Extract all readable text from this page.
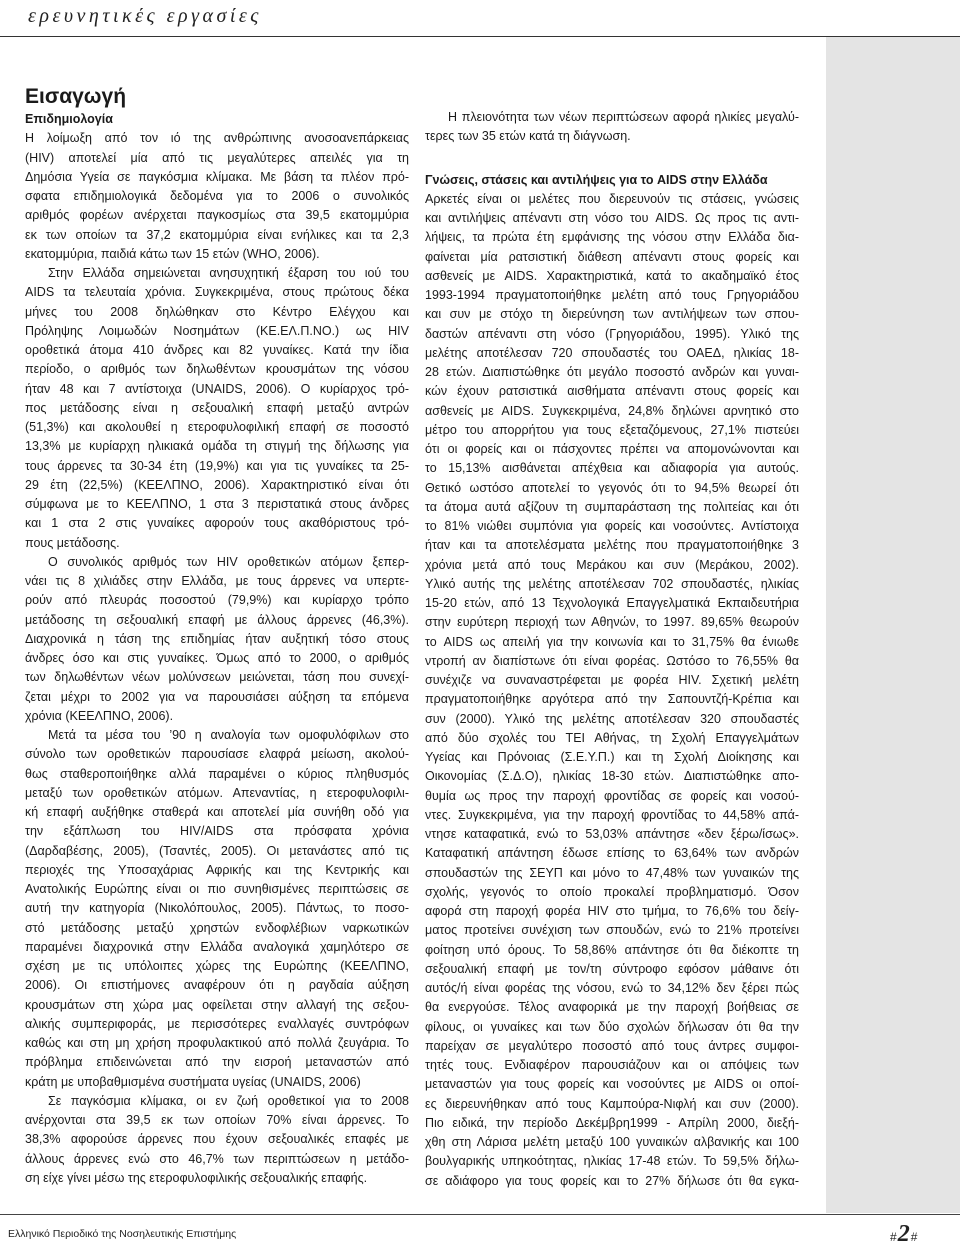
ερευνητικές εργασίες
Εισαγωγή
Επιδημιολογία
Η λοίμωξη από τον ιό της ανθρώπινης ανοσοανεπάρκειας
(HIV) αποτελεί μία από τις μεγαλύτερες απειλές για τη
Δημόσια Υγεία σε παγκόσμια κλίμακα. Με βάση τα πλέον πρό-
σφατα επιδημιολογικά δεδομένα για το 2006 ο συνολικός
αριθμός φορέων ανέρχεται παγκοσμίως στα 39,5 εκατομμύρια
εκ των οποίων τα 37,2 εκατομμύρια είναι ενήλικες και τα 2,3
εκατομμύρια, παιδιά κάτω των 15 ετών (WHO, 2006).
Στην Ελλάδα σημειώνεται ανησυχητική έξαρση του ιού του
AIDS τα τελευταία χρόνια. Συγκεκριμένα, στους πρώτους δέκα
μήνες του 2008 δηλώθηκαν στο Κέντρο Ελέγχου και
Πρόληψης Λοιμωδών Νοσημάτων (ΚΕ.ΕΛ.Π.ΝΟ.) ως HIV
οροθετικά άτομα 410 άνδρες και 82 γυναίκες. Κατά την ίδια
περίοδο, ο αριθμός των δηλωθέντων κρουσμάτων της νόσου
ήταν 48 και 7 αντίστοιχα (UNAIDS, 2006). Ο κυρίαρχος τρό-
πος μετάδοσης είναι η σεξουαλική επαφή μεταξύ αντρών
(51,3%) και ακολουθεί η ετεροφυλοφιλική επαφή σε ποσοστό
13,3% με κυρίαρχη ηλικιακά ομάδα τη στιγμή της δήλωσης για
τους άρρενες τα 30-34 έτη (19,9%) και για τις γυναίκες τα 25-
29 έτη (22,5%) (ΚΕΕΛΠΝΟ, 2006). Χαρακτηριστικό είναι ότι
σύμφωνα με το ΚΕΕΛΠΝΟ, 1 στα 3 περιστατικά στους άνδρες
και 1 στα 2 στις γυναίκες αφορούν τους ακαθόριστους τρό-
πους μετάδοσης.
Ο συνολικός αριθμός των HIV οροθετικών ατόμων ξεπερ-
νάει τις 8 χιλιάδες στην Ελλάδα, με τους άρρενες να υπερτε-
ρούν από πλευράς ποσοστού (79,9%) και κυρίαρχο τρόπο
μετάδοσης τη σεξουαλική επαφή με άλλους άρρενες (46,3%).
Διαχρονικά η τάση της επιδημίας ήταν αυξητική τόσο στους
άνδρες όσο και στις γυναίκες. Όμως από το 2000, ο αριθμός
των δηλωθέντων νέων μολύνσεων μειώνεται, τάση που συνεχί-
ζεται μέχρι το 2002 για να παρουσιάσει αύξηση τα επόμενα
χρόνια (ΚΕΕΛΠΝΟ, 2006).
Μετά τα μέσα του ’90 η αναλογία των ομοφυλόφιλων στο
σύνολο των οροθετικών παρουσίασε ελαφρά μείωση, ακολού-
θως σταθεροποιήθηκε αλλά παραμένει ο κύριος πληθυσμός
μεταξύ των οροθετικών ατόμων. Απεναντίας, η ετεροφυλοφιλι-
κή επαφή αυξήθηκε σταθερά και αποτελεί μία συνήθη οδό για
την εξάπλωση του HIV/AIDS στα πρόσφατα χρόνια
(Δαρδαβέσης, 2005), (Τσαντές, 2005). Οι μετανάστες από τις
περιοχές της Υποσαχάριας Αφρικής και της Κεντρικής και
Ανατολικής Ευρώπης είναι οι πιο συνηθισμένες περιπτώσεις σε
αυτή την κατηγορία (Νικολόπουλος, 2005). Πάντως, το ποσο-
στό μετάδοσης μεταξύ χρηστών ενδοφλέβιων ναρκωτικών
παραμένει διαχρονικά στην Ελλάδα αναλογικά χαμηλότερο σε
σχέση με τις υπόλοιπες χώρες της Ευρώπης (ΚΕΕΛΠΝΟ,
2006). Οι επιστήμονες αναφέρουν ότι η ραγδαία αύξηση
κρουσμάτων στη χώρα μας οφείλεται στην αλλαγή της σεξου-
αλικής συμπεριφοράς, με περισσότερες εναλλαγές συντρόφων
καθώς και στη μη χρήση προφυλακτικού από πολλά ζευγάρια. Το
πρόβλημα επιδεινώνεται από την εισροή μεταναστών από
κράτη με υποβαθμισμένα συστήματα υγείας (UNAIDS, 2006)
Σε παγκόσμια κλίμακα, οι εν ζωή οροθετικοί για το 2008
ανέρχονται στα 39,5 εκ των οποίων 70% είναι άρρενες. Το
38,3% αφορούσε άρρενες που έχουν σεξουαλικές επαφές με
άλλους άρρενες ενώ στο 46,7% των περιπτώσεων η μετάδο-
ση είχε γίνει μέσω της ετεροφυλοφιλικής σεξουαλικής επαφής.
Η πλειονότητα των νέων περιπτώσεων αφορά ηλικίες μεγαλύ-
τερες των 35 ετών κατά τη διάγνωση.
Γνώσεις, στάσεις και αντιλήψεις για το AIDS στην Ελλάδα
Αρκετές είναι οι μελέτες που διερευνούν τις στάσεις, γνώσεις
και αντιλήψεις απέναντι στη νόσο του AIDS. Ως προς τις αντι-
λήψεις, τα πρώτα έτη εμφάνισης της νόσου στην Ελλάδα δια-
φαίνεται μία ρατσιστική διάθεση απέναντι στους φορείς και
ασθενείς με AIDS. Χαρακτηριστικά, κατά το ακαδημαϊκό έτος
1993-1994 πραγματοποιήθηκε μελέτη από τους Γρηγοριάδου
και συν με στόχο τη διερεύνηση των αντιλήψεων των σπου-
δαστών απέναντι στη νόσο (Γρηγοριάδου, 1995). Υλικό της
μελέτης αποτέλεσαν 720 σπουδαστές του ΟΑΕΔ, ηλικίας 18-
28 ετών. Διαπιστώθηκε ότι μεγάλο ποσοστό ανδρών και γυναι-
κών έχουν ρατσιστικά αισθήματα απέναντι στους φορείς και
ασθενείς με AIDS. Συγκεκριμένα, 24,8% δηλώνει αρνητικό στο
μέτρο του απορρήτου για τους εξεταζόμενους, 27,1% πιστεύει
ότι οι φορείς και οι πάσχοντες πρέπει να απομονώνονται και
το 15,13% αισθάνεται απέχθεια και αδιαφορία για αυτούς.
Θετικό ωστόσο αποτελεί το γεγονός ότι το 94,5% θεωρεί ότι
τα άτομα αυτά αξίζουν τη συμπαράσταση της πολιτείας και ότι
το 81% νιώθει συμπόνια για φορείς και νοσούντες. Αντίστοιχα
ήταν και τα αποτελέσματα μελέτης που πραγματοποιήθηκε 3
χρόνια μετά από τους Μεράκου και συν (Μεράκου, 2002).
Υλικό αυτής της μελέτης αποτέλεσαν 702 σπουδαστές, ηλικίας
15-20 ετών, από 13 Τεχνολογικά Επαγγελματικά Εκπαιδευτήρια
στην ευρύτερη περιοχή των Αθηνών, το 1997. 89,65% θεωρούν
το AIDS ως απειλή για την κοινωνία και το 31,75% θα ένιωθε
ντροπή αν διαπίστωνε ότι είναι φορέας. Ωστόσο το 76,55% θα
συνέχιζε να συναναστρέφεται με φορέα HIV. Σχετική μελέτη
πραγματοποιήθηκε αργότερα από την Σαπουντζή-Κρέπια και
συν (2000). Υλικό της μελέτης αποτέλεσαν 320 σπουδαστές
από δύο σχολές του ΤΕΙ Αθήνας, τη Σχολή Επαγγελμάτων
Υγείας και Πρόνοιας (Σ.Ε.Υ.Π.) και τη Σχολή Διοίκησης και
Οικονομίας (Σ.Δ.Ο), ηλικίας 18-30 ετών. Διαπιστώθηκε απο-
θυμία ως προς την παροχή φροντίδας σε φορείς και νοσού-
ντες. Συγκεκριμένα, για την παροχή φροντίδας το 44,58% απά-
ντησε καταφατικά, ενώ το 53,03% απάντησε «δεν ξέρω/ίσως».
Καταφατική απάντηση έδωσε επίσης το 63,64% των ανδρών
σπουδαστών της ΣΕΥΠ και μόνο το 47,48% των γυναικών της
σχολής, γεγονός το οποίο προκαλεί προβληματισμό. Όσον
αφορά στη παροχή φορέα HIV στο τμήμα, το 76,6% του δείγ-
ματος προτείνει συνέχιση των σπουδών, ενώ το 21% προτείνει
φοίτηση υπό όρους. Το 58,86% απάντησε ότι θα διέκοπτε τη
σεξουαλική επαφή με τον/τη σύντροφο εφόσον μάθαινε ότι
αυτός/ή είναι φορέας της νόσου, ενώ το 34,12% δεν ξέρει πώς
θα ενεργούσε. Τέλος αναφορικά με την παροχή βοήθειας σε
φίλους, οι γυναίκες και των δύο σχολών δήλωσαν ότι θα την
παρείχαν σε μεγαλύτερο ποσοστό από τους άντρες συμφοι-
τητές τους. Ενδιαφέρον παρουσιάζουν και οι απόψεις των
μεταναστών για τους φορείς και νοσούντες με AIDS οι οποί-
ες διερευνήθηκαν από τους Καμπούρα-Νιφλή και συν (2000).
Πιο ειδικά, την περίοδο Δεκέμβρη1999 - Απρίλη 2000, διεξή-
χθη στη Λάρισα μελέτη μεταξύ 100 γυναικών αλβανικής και 100
βουλγαρικής υπηκοότητας, ηλικίας 17-48 ετών. Το 59,5% δήλω-
σε αδιάφορο για τους φορείς και το 27% δήλωσε ότι θα εγκα-
Ελληνικό Περιοδικό της Νοσηλευτικής Επιστήμης	#2#
